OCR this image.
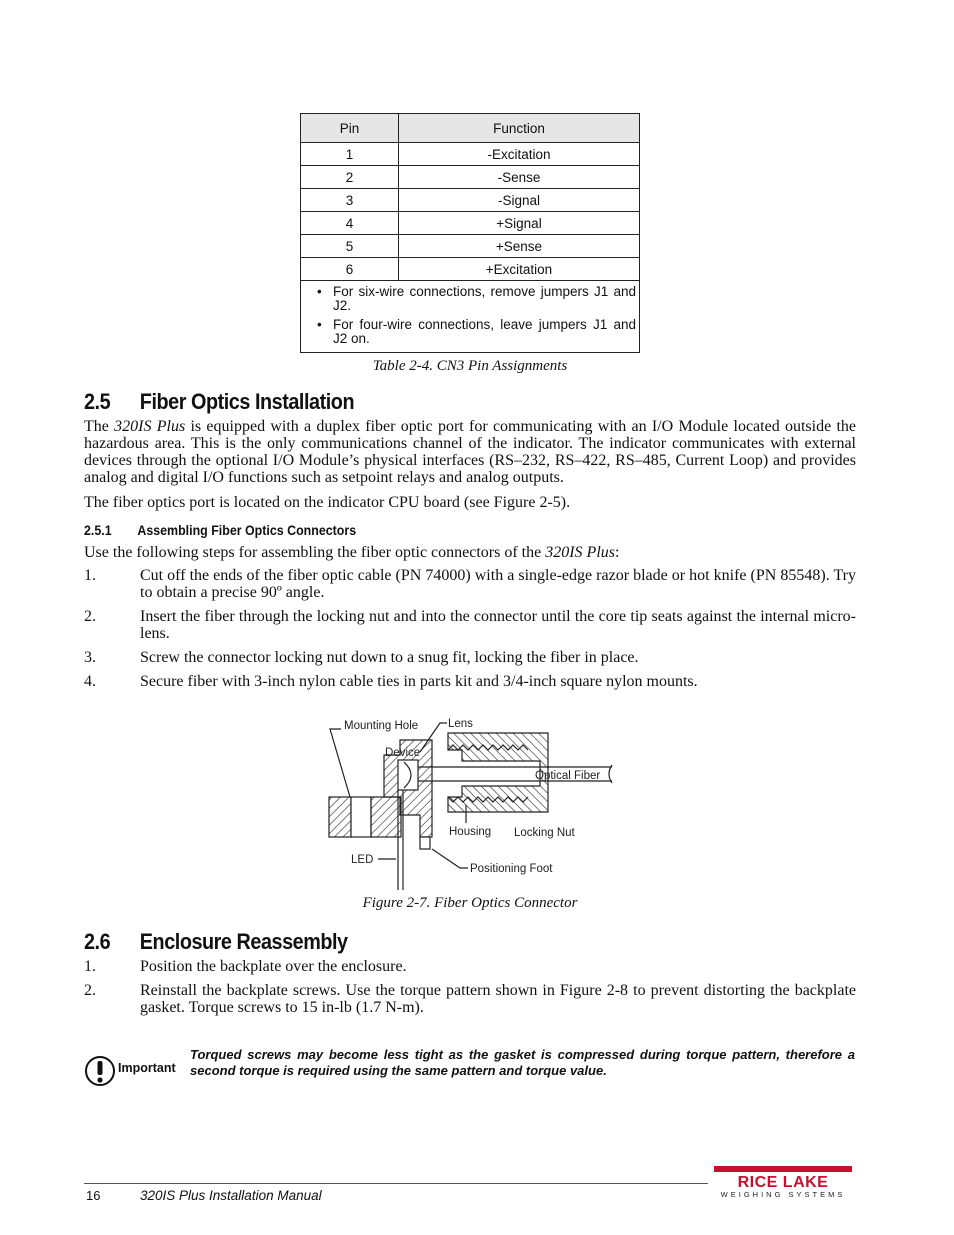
Pin	Function
1	-Excitation
2	-Sense
3	-Signal
4	+Signal
5	+Sense
6	+Excitation

• For six-wire connections, remove jumpers J1 and J2.
• For four-wire connections, leave jumpers J1 and J2 on.	
Table 2-4. CN3 Pin Assignments
2.5 Fiber Optics Installation

The 320IS Plus is equipped with a duplex fiber optic port for communicating with an I/O Module located outside the hazardous area. This is the only communications channel of the indicator. The indicator communicates with external devices through the optional I/O Module’s physical interfaces (RS–232, RS–422, RS–485, Current Loop) and provides analog and digital I/O functions such as setpoint relays and analog outputs.

The fiber optics port is located on the indicator CPU board (see Figure 2-5).

2.5.1 Assembling Fiber Optics Connectors

Use the following steps for assembling the fiber optic connectors of the 320IS Plus:

1.	Cut off the ends of the fiber optic cable (PN 74000) with a single-edge razor blade or hot knife (PN 85548). Try to obtain a precise 90º angle.
2.	Insert the fiber through the locking nut and into the connector until the core tip seats against the internal micro-lens.
3.	Screw the connector locking nut down to a snug fit, locking the fiber in place.
4.	Secure fiber with 3-inch nylon cable ties in parts kit and 3/4-inch square nylon mounts.
Mounting Hole	Lens
Device
Optical Fiber
Housing Locking Nut
LED
Positioning Foot
Figure 2-7. Fiber Optics Connector
2.6 Enclosure Reassembly
1.	Position the backplate over the enclosure.
2.	Reinstall the backplate screws. Use the torque pattern shown in Figure 2-8 to prevent distorting the backplate gasket. Torque screws to 15 in-lb (1.7 N-m).
Important
Torqued screws may become less tight as the gasket is compressed during torque pattern, therefore a second torque is required using the same pattern and torque value.
16	320IS Plus Installation Manual
RICE LAKE
WEIGHING SYSTEMS
